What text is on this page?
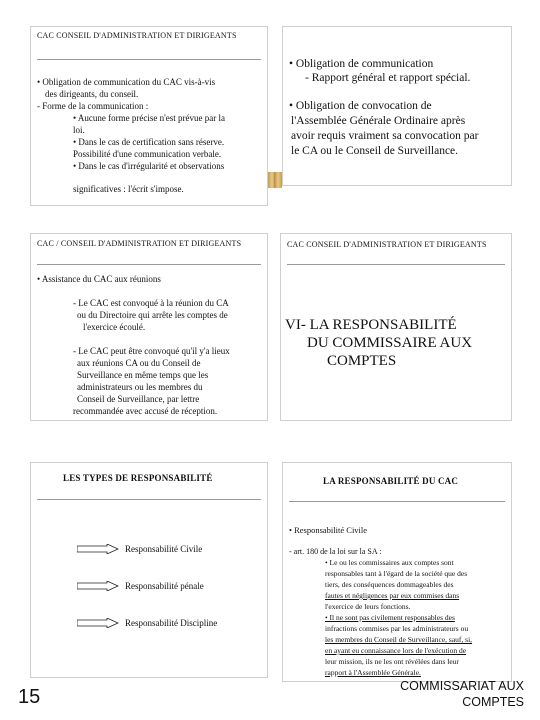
CAC CONSEIL D'ADMINISTRATION ET DIRIGEANTS
• Obligation de communication du CAC vis-à-vis
des dirigeants, du conseil.
- Forme de la communication :
• Aucune forme précise n'est prévue par la
loi.
• Dans le cas de certification sans réserve.
Possibilité d'une communication verbale.
• Dans le cas d'irrégularité et observations
significatives : l'écrit s'impose.
• Obligation de communication
- Rapport général et rapport spécial.
• Obligation de convocation de
l'Assemblée Générale Ordinaire après
avoir requis vraiment sa convocation par
le CA ou le Conseil de Surveillance.
CAC / CONSEIL D'ADMINISTRATION ET DIRIGEANTS
• Assistance du CAC aux réunions
- Le CAC est convoqué à la réunion du CA
ou du Directoire qui arrête les comptes de
l'exercice écoulé.
- Le CAC peut être convoqué qu'il y'a lieux
aux réunions CA ou du Conseil de
Surveillance en même temps que les
administrateurs ou les membres du
Conseil de Surveillance, par lettre
recommandée avec accusé de réception.
CAC CONSEIL D'ADMINISTRATION ET DIRIGEANTS
VI- LA RESPONSABILITÉ
DU COMMISSAIRE AUX
COMPTES
LES TYPES DE RESPONSABILITÉ
Responsabilité Civile
Responsabilité pénale
Responsabilité Discipline
LA RESPONSABILITÉ DU CAC
• Responsabilité Civile
- art. 180 de la loi sur la SA :
• Le ou les commissaires aux comptes sont
responsables tant à l'égard de la société que des
tiers, des conséquences dommageables des
fautes et négligences par eux commises dans
l'exercice de leurs fonctions.
• Il ne sont pas civilement responsables des
infractions commises par les administrateurs ou
les membres du Conseil de Surveillance, sauf, si,
en ayant eu connaissance lors de l'exécution de
leur mission, ils ne les ont révélées dans leur
rapport à l'Assemblée Générale.
15	COMMISSARIAT AUX
COMPTES
